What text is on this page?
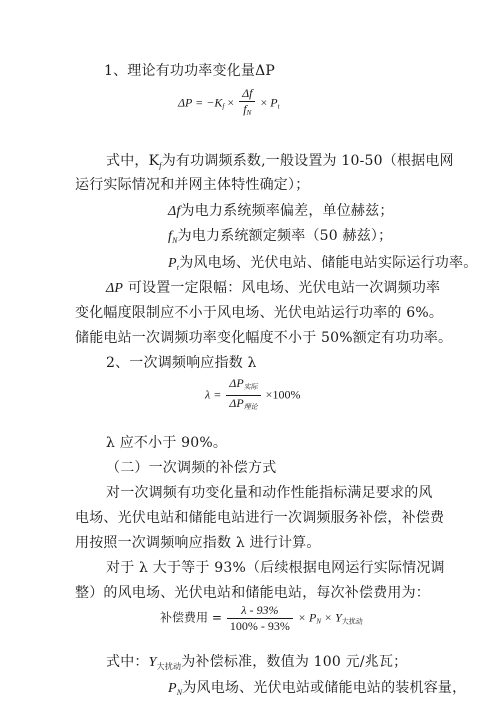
1、理论有功功率变化量ΔP
$\Delta P = -Kf \times \frac{\Delta f}{fN} \times Pt$
式中，$K_f$为有功调频系数,一般设置为 10-50（根据电网
运行实际情况和并网主体特性确定）；
Δf为电力系统频率偏差，单位赫兹；
$f_N$为电力系统额定频率（50 赫兹）；
$P_t$为风电场、光伏电站、储能电站实际运行功率。
ΔP 可设置一定限幅：风电场、光伏电站一次调频功率
变化幅度限制应不小于风电场、光伏电站运行功率的 6%。
储能电站一次调频功率变化幅度不小于 50%额定有功功率。
2、一次调频响应指数 λ
$\lambda = \frac{\text{ΔP实际}}{\text{ΔP理论}} \times 100\%$
λ 应不小于 90%。
（二）一次调频的补偿方式
对一次调频有功变化量和动作性能指标满足要求的风
电场、光伏电站和储能电站进行一次调频服务补偿，补偿费
用按照一次调频响应指数 λ 进行计算。
对于 λ 大于等于 93%（后续根据电网运行实际情况调
整）的风电场、光伏电站和储能电站，每次补偿费用为：
补偿费用 = $\frac{\lambda - 93\%}{100\% - 93\%}$ × PN × Y大扰动
式中：$Y_{大扰动}$为补偿标准，数值为 100 元/兆瓦；
$P_N$为风电场、光伏电站或储能电站的装机容量，
